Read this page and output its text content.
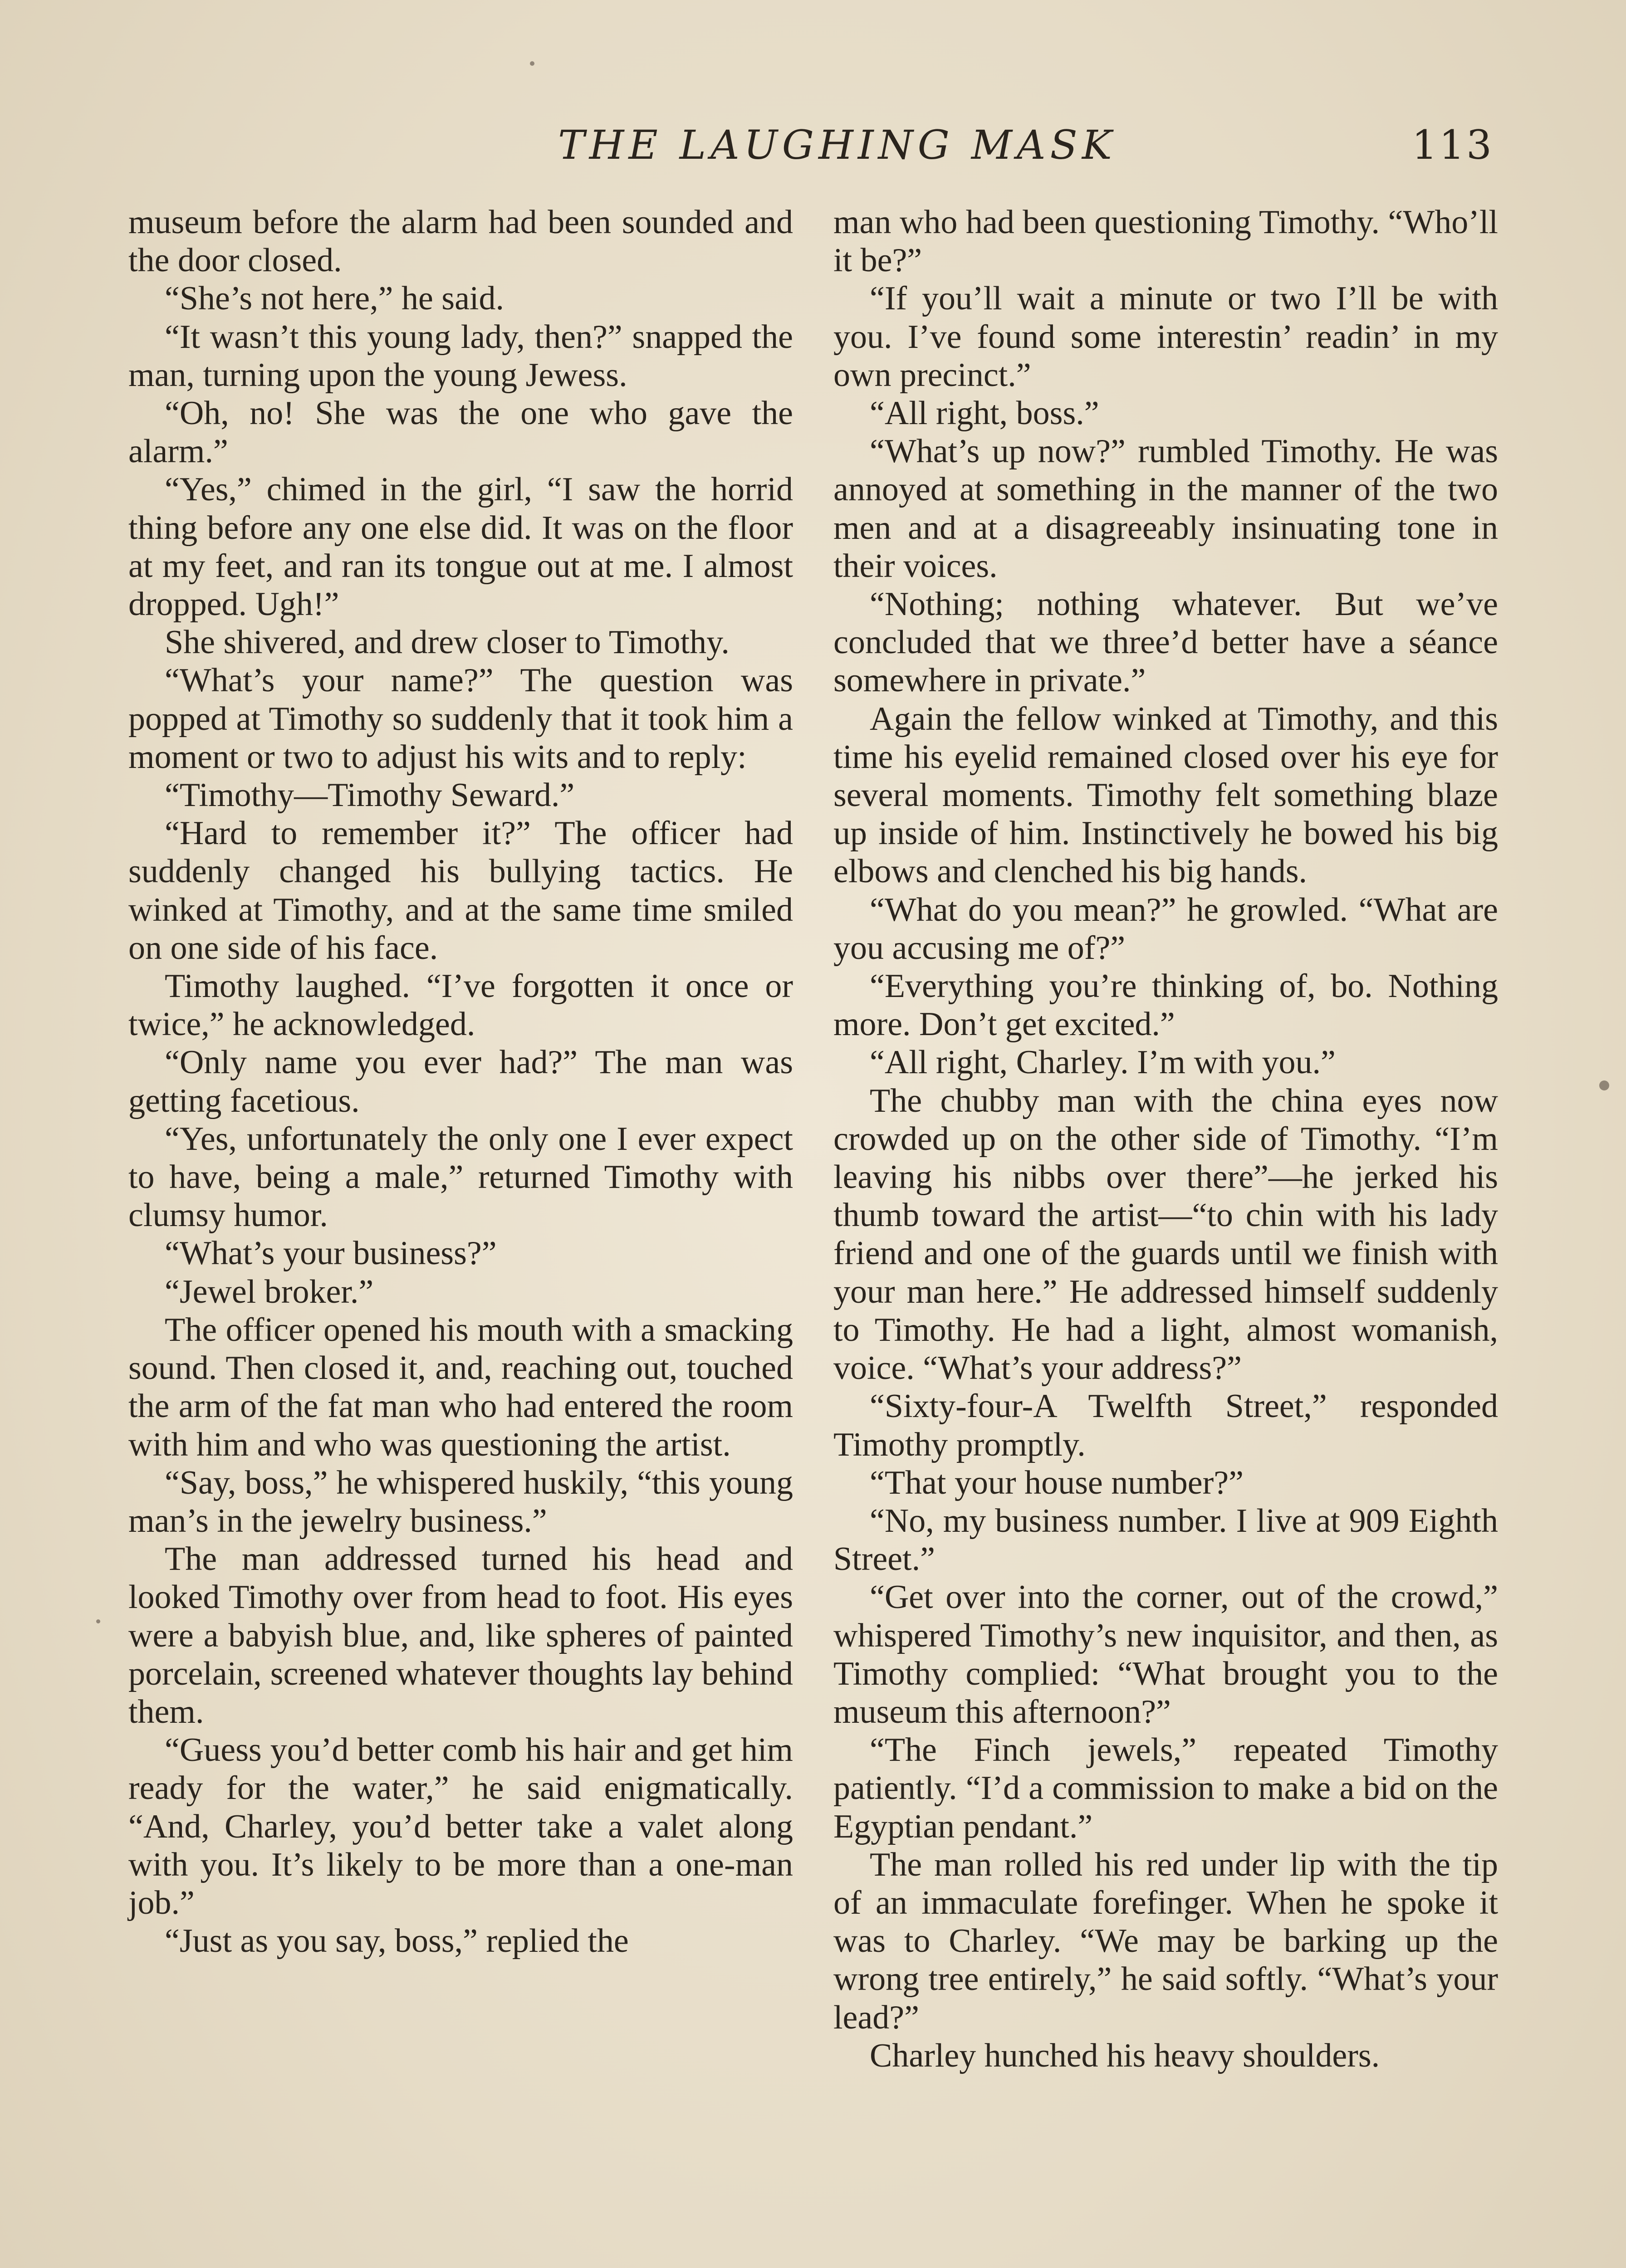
THE LAUGHING MASK	113

museum before the alarm had been sounded and the door closed.

“She’s not here,” he said.

“It wasn’t this young lady, then?” snapped the man, turning upon the young Jewess.

“Oh, no! She was the one who gave the alarm.”

“Yes,” chimed in the girl, “I saw the horrid thing before any one else did. It was on the floor at my feet, and ran its tongue out at me. I almost dropped. Ugh!”

She shivered, and drew closer to Timothy.

“What’s your name?” The question was popped at Timothy so suddenly that it took him a moment or two to adjust his wits and to reply:

“Timothy—Timothy Seward.”

“Hard to remember it?” The officer had suddenly changed his bullying tactics. He winked at Timothy, and at the same time smiled on one side of his face.

Timothy laughed. “I’ve forgotten it once or twice,” he acknowledged.

“Only name you ever had?” The man was getting facetious.

“Yes, unfortunately the only one I ever expect to have, being a male,” returned Timothy with clumsy humor.

“What’s your business?”

“Jewel broker.”

The officer opened his mouth with a smacking sound. Then closed it, and, reaching out, touched the arm of the fat man who had entered the room with him and who was questioning the artist.

“Say, boss,” he whispered huskily, “this young man’s in the jewelry business.”

The man addressed turned his head and looked Timothy over from head to foot. His eyes were a babyish blue, and, like spheres of painted porcelain, screened whatever thoughts lay behind them.

“Guess you’d better comb his hair and get him ready for the water,” he said enigmatically. “And, Charley, you’d better take a valet along with you. It’s likely to be more than a one-man job.”

“Just as you say, boss,” replied the

man who had been questioning Timothy. “Who’ll it be?”

“If you’ll wait a minute or two I’ll be with you. I’ve found some interestin’ readin’ in my own precinct.”

“All right, boss.”

“What’s up now?” rumbled Timothy. He was annoyed at something in the manner of the two men and at a disagreeably insinuating tone in their voices.

“Nothing; nothing whatever. But we’ve concluded that we three’d better have a séance somewhere in private.”

Again the fellow winked at Timothy, and this time his eyelid remained closed over his eye for several moments. Timothy felt something blaze up inside of him. Instinctively he bowed his big elbows and clenched his big hands.

“What do you mean?” he growled. “What are you accusing me of?”

“Everything you’re thinking of, bo. Nothing more. Don’t get excited.”

“All right, Charley. I’m with you.”

The chubby man with the china eyes now crowded up on the other side of Timothy. “I’m leaving his nibbs over there”—he jerked his thumb toward the artist—“to chin with his lady friend and one of the guards until we finish with your man here.” He addressed himself suddenly to Timothy. He had a light, almost womanish, voice. “What’s your address?”

“Sixty-four-A Twelfth Street,” responded Timothy promptly.

“That your house number?”

“No, my business number. I live at 909 Eighth Street.”

“Get over into the corner, out of the crowd,” whispered Timothy’s new inquisitor, and then, as Timothy complied: “What brought you to the museum this afternoon?”

“The Finch jewels,” repeated Timothy patiently. “I’d a commission to make a bid on the Egyptian pendant.”

The man rolled his red under lip with the tip of an immaculate forefinger. When he spoke it was to Charley. “We may be barking up the wrong tree entirely,” he said softly. “What’s your lead?”

Charley hunched his heavy shoulders.
